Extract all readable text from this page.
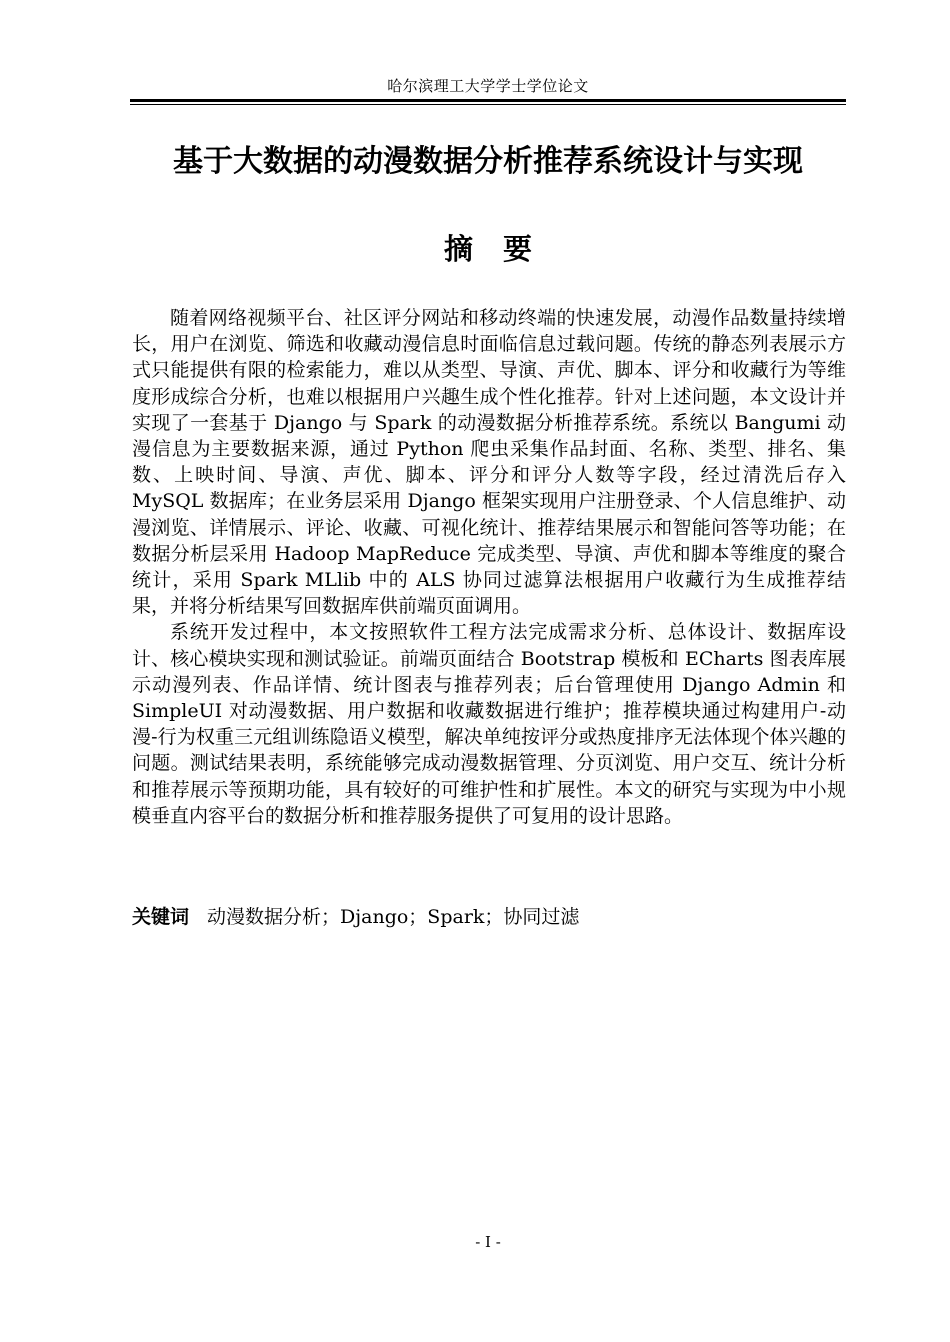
哈尔滨理工大学学士学位论文
基于大数据的动漫数据分析推荐系统设计与实现
摘 要

随着网络视频平台、社区评分网站和移动终端的快速发展，动漫作品数量持续增长，用户在浏览、筛选和收藏动漫信息时面临信息过载问题。传统的静态列表展示方式只能提供有限的检索能力，难以从类型、导演、声优、脚本、评分和收藏行为等维度形成综合分析，也难以根据用户兴趣生成个性化推荐。针对上述问题，本文设计并实现了一套基于 Django 与 Spark 的动漫数据分析推荐系统。系统以 Bangumi 动漫信息为主要数据来源，通过 Python 爬虫采集作品封面、名称、类型、排名、集数、上映时间、导演、声优、脚本、评分和评分人数等字段，经过清洗后存入 MySQL 数据库；在业务层采用 Django 框架实现用户注册登录、个人信息维护、动漫浏览、详情展示、评论、收藏、可视化统计、推荐结果展示和智能问答等功能；在数据分析层采用 Hadoop MapReduce 完成类型、导演、声优和脚本等维度的聚合统计，采用 Spark MLlib 中的 ALS 协同过滤算法根据用户收藏行为生成推荐结果，并将分析结果写回数据库供前端页面调用。

系统开发过程中，本文按照软件工程方法完成需求分析、总体设计、数据库设计、核心模块实现和测试验证。前端页面结合 Bootstrap 模板和 ECharts 图表库展示动漫列表、作品详情、统计图表与推荐列表；后台管理使用 Django Admin 和 SimpleUI 对动漫数据、用户数据和收藏数据进行维护；推荐模块通过构建用户-动漫-行为权重三元组训练隐语义模型，解决单纯按评分或热度排序无法体现个体兴趣的问题。测试结果表明，系统能够完成动漫数据管理、分页浏览、用户交互、统计分析和推荐展示等预期功能，具有较好的可维护性和扩展性。本文的研究与实现为中小规模垂直内容平台的数据分析和推荐服务提供了可复用的设计思路。

关键词 动漫数据分析；Django；Spark；协同过滤
- I -
